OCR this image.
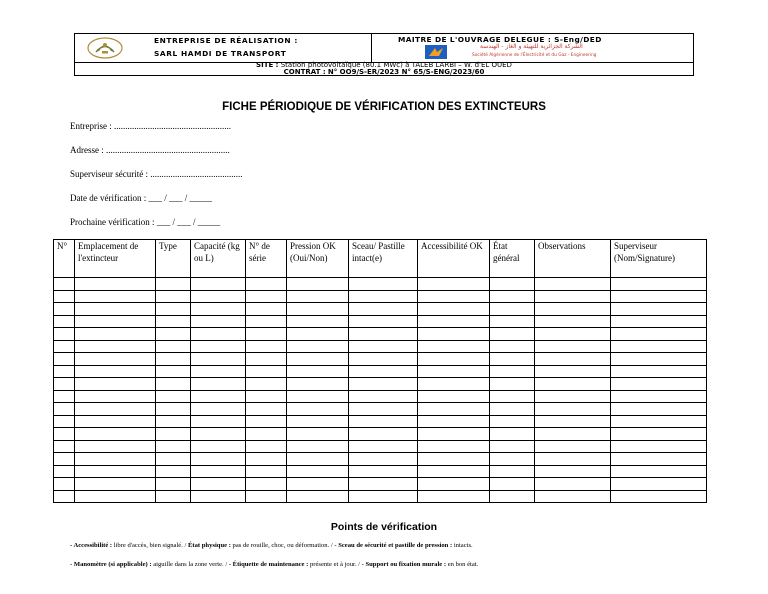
ENTREPRISE DE RÉALISATION :
SARL HAMDI DE TRANSPORT
MAITRE DE L'OUVRAGE DELEGUE : S-Eng/DED
الشركة الجزائرية للتهيئة و الغاز - الهندسة
Société Algérienne de l'Électricité et du Gaz - Engineering
SITE : Station photovoltaïque (80.1 MWc) à TALEB LARBI – W. d'EL OUED
CONTRAT : N° OO9/S-ER/2023 N° 65/S-ENG/2023/60
FICHE PÉRIODIQUE DE VÉRIFICATION DES EXTINCTEURS
Entreprise : ....................................................
Adresse : .......................................................
Superviseur sécurité : .........................................
Date de vérification : ___ / ___ / _____
Prochaine vérification : ___ / ___ / _____
N°	Emplacement de l'extincteur	Type	Capacité (kg ou L)	N° de série	Pression OK (Oui/Non)	Sceau/ Pastille intact(e)	Accessibilité OK	État général	Observations	Superviseur (Nom/Signature)

Points de vérification
- Accessibilité : libre d'accès, bien signalé. / État physique : pas de rouille, choc, ou déformation. / - Sceau de sécurité et pastille de pression : intacts.
- Manomètre (si applicable) : aiguille dans la zone verte. / - Étiquette de maintenance : présente et à jour. / - Support ou fixation murale : en bon état.
